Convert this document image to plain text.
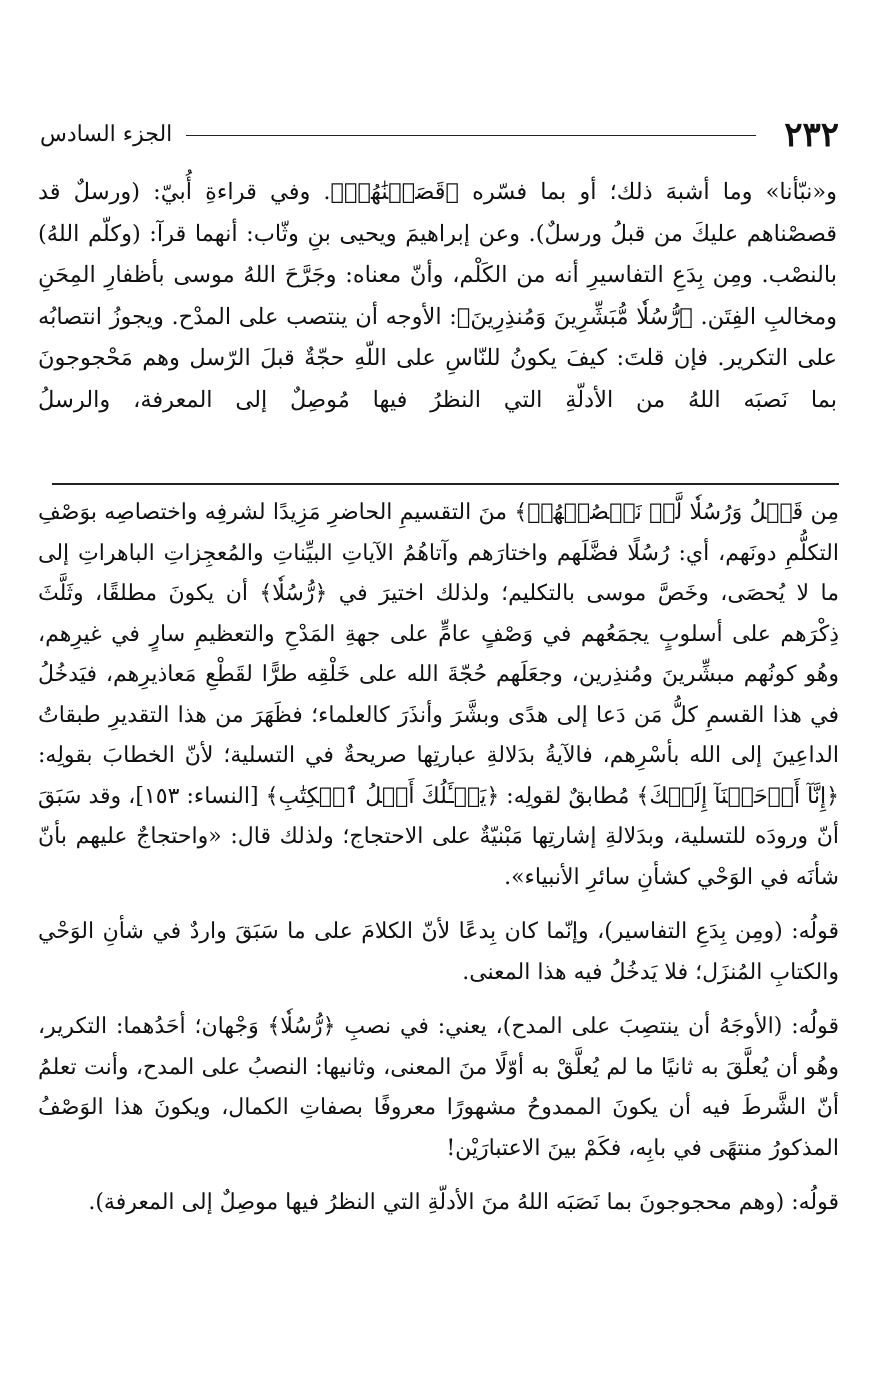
٢٣٢
الجزء السادس

و«نبّأنا» وما أشبهَ ذلك؛ أو بما فسّره ﴿قَصَصۡنَٰهُمۡ﴾. وفي قراءةِ أُبيّ: (ورسلٌ قد قصصْناهم عليكَ من قبلُ ورسلٌ). وعن إبراهيمَ ويحيى بنِ وثّاب: أنهما قرآ: (وكلّم اللهُ) بالنصْب. ومِن بِدَعِ التفاسيرِ أنه من الكَلْم، وأنّ معناه: وجَرَّحَ اللهُ موسى بأظفارِ المِحَنِ ومخالبِ الفِتَن. ﴿رُّسُلٗا مُّبَشِّرِينَ وَمُنذِرِينَ﴾: الأوجه أن ينتصب على المدْح. ويجوزُ انتصابُه على التكرير. فإن قلتَ: كيفَ يكونُ للنّاسِ على اللّهِ حجّةٌ قبلَ الرّسل وهم مَحْجوجونَ بما نَصبَه اللهُ من الأدلّةِ التي النظرُ فيها مُوصِلٌ إلى المعرفة، والرسلُ

مِن قَبۡلُ وَرُسُلٗا لَّمۡ نَقۡصُصۡهُمۡ﴾ منَ التقسيمِ الحاضرِ مَزِيدًا لشرفِه واختصاصِه بوَصْفِ التكلُّمِ دونَهم، أي: رُسُلًا فضَّلَهم واختارَهم وآتاهُمُ الآياتِ البيِّناتِ والمُعجِزاتِ الباهراتِ إلى ما لا يُحصَى، وخَصَّ موسى بالتكليم؛ ولذلك اختيرَ في ﴿رُّسُلٗا﴾ أن يكونَ مطلقًا، وثَلَّثَ ذِكْرَهم على أسلوبٍ يجمَعُهم في وَصْفٍ عامٍّ على جهةِ المَدْحِ والتعظيمِ سارٍ في غيرِهم، وهُو كونُهم مبشِّرينَ ومُنذِرين، وجعَلَهم حُجّةَ الله على خَلْقِه طرًّا لقَطْعِ مَعاذيرِهم، فيَدخُلُ في هذا القسمِ كلُّ مَن دَعا إلى هدًى وبشَّرَ وأنذَرَ كالعلماء؛ فظَهَرَ من هذا التقديرِ طبقاتُ الداعِينَ إلى الله بأسْرِهم، فالآيةُ بدَلالةِ عبارتِها صريحةٌ في التسلية؛ لأنّ الخطابَ بقولِه: ﴿إِنَّآ أَوۡحَيۡنَآ إِلَيۡكَ﴾ مُطابقٌ لقولِه: ﴿يَسۡـَٔلُكَ أَهۡلُ ٱلۡكِتَٰبِ﴾ [النساء: ١٥٣]، وقد سَبَقَ أنّ ورودَه للتسلية، وبدَلالةِ إشارتِها مَبْنيّةٌ على الاحتجاج؛ ولذلك قال: «واحتجاجٌ عليهم بأنّ شأنَه في الوَحْي كشأنِ سائرِ الأنبياء».

قولُه: (ومِن بِدَعِ التفاسير)، وإنّما كان بِدعًا لأنّ الكلامَ على ما سَبَقَ واردٌ في شأنِ الوَحْي والكتابِ المُنزَل؛ فلا يَدخُلُ فيه هذا المعنى.

قولُه: (الأوجَهُ أن ينتصِبَ على المدح)، يعني: في نصبِ ﴿رُّسُلٗا﴾ وَجْهان؛ أحَدُهما: التكرير، وهُو أن يُعلَّقَ به ثانيًا ما لم يُعلَّقْ به أوّلًا منَ المعنى، وثانيها: النصبُ على المدح، وأنت تعلمُ أنّ الشَّرطَ فيه أن يكونَ الممدوحُ مشهورًا معروفًا بصفاتِ الكمال، ويكونَ هذا الوَصْفُ المذكورُ منتهًى في بابِه، فكَمْ بينَ الاعتبارَيْن!

قولُه: (وهم محجوجونَ بما نَصَبَه اللهُ منَ الأدلّةِ التي النظرُ فيها موصِلٌ إلى المعرفة).
